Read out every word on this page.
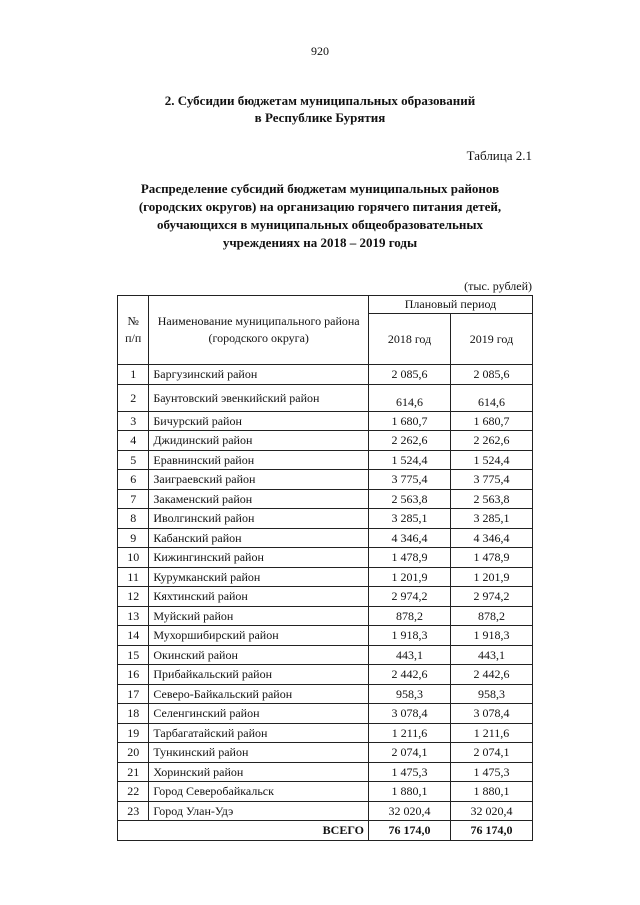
920
2. Субсидии бюджетам муниципальных образований
в Республике Бурятия
Таблица 2.1
Распределение субсидий бюджетам муниципальных районов
(городских округов) на организацию горячего питания детей,
обучающихся в муниципальных общеобразовательных
учреждениях на 2018 – 2019 годы
(тыс. рублей)
№ п/п	Наименование муниципального района (городского округа)	Плановый период	
		2018 год	2019 год
1	Баргузинский район	2 085,6	2 085,6
2	Баунтовский эвенкийский район	614,6	614,6
3	Бичурский район	1 680,7	1 680,7
4	Джидинский район	2 262,6	2 262,6
5	Еравнинский район	1 524,4	1 524,4
6	Заиграевский район	3 775,4	3 775,4
7	Закаменский район	2 563,8	2 563,8
8	Иволгинский район	3 285,1	3 285,1
9	Кабанский район	4 346,4	4 346,4
10	Кижингинский район	1 478,9	1 478,9
11	Курумканский район	1 201,9	1 201,9
12	Кяхтинский район	2 974,2	2 974,2
13	Муйский район	878,2	878,2
14	Мухоршибирский район	1 918,3	1 918,3
15	Окинский район	443,1	443,1
16	Прибайкальский район	2 442,6	2 442,6
17	Северо-Байкальский район	958,3	958,3
18	Селенгинский район	3 078,4	3 078,4
19	Тарбагатайский район	1 211,6	1 211,6
20	Тункинский район	2 074,1	2 074,1
21	Хоринский район	1 475,3	1 475,3
22	Город Северобайкальск	1 880,1	1 880,1
23	Город Улан-Удэ	32 020,4	32 020,4
ВСЕГО		76 174,0	76 174,0
